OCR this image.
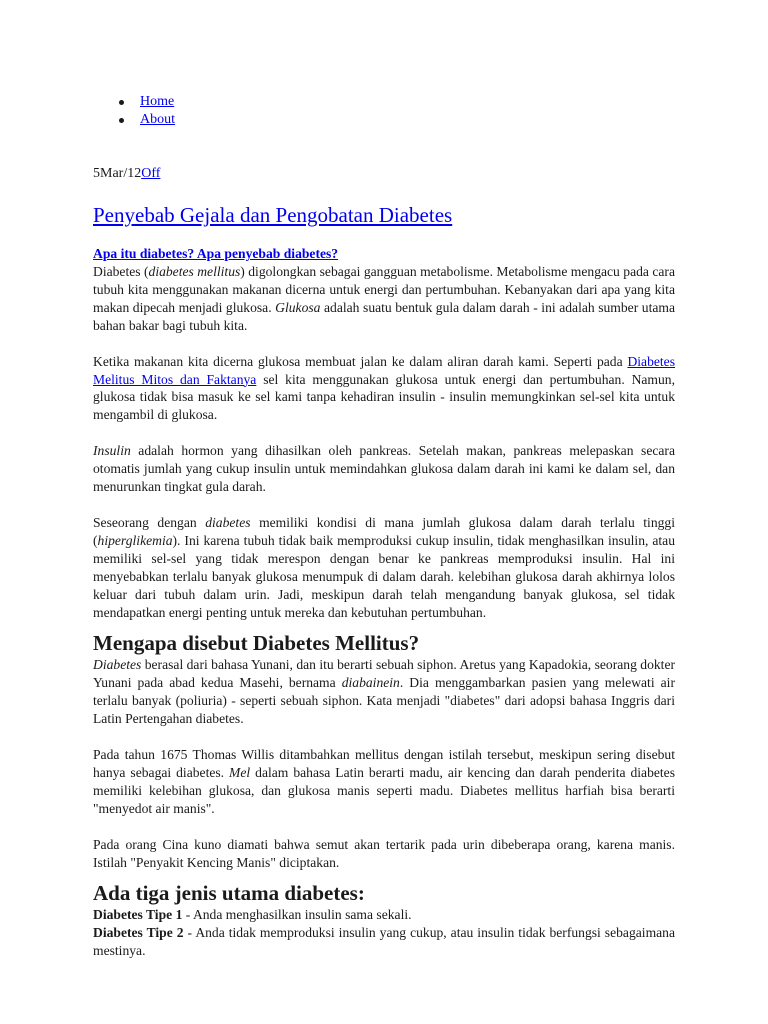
Home
About
5Mar/12Off
Penyebab Gejala dan Pengobatan Diabetes
Apa itu diabetes? Apa penyebab diabetes?

Diabetes (diabetes mellitus) digolongkan sebagai gangguan metabolisme. Metabolisme mengacu pada cara tubuh kita menggunakan makanan dicerna untuk energi dan pertumbuhan. Kebanyakan dari apa yang kita makan dipecah menjadi glukosa. Glukosa adalah suatu bentuk gula dalam darah - ini adalah sumber utama bahan bakar bagi tubuh kita.

Ketika makanan kita dicerna glukosa membuat jalan ke dalam aliran darah kami. Seperti pada Diabetes Melitus Mitos dan Faktanya sel kita menggunakan glukosa untuk energi dan pertumbuhan. Namun, glukosa tidak bisa masuk ke sel kami tanpa kehadiran insulin - insulin memungkinkan sel-sel kita untuk mengambil di glukosa.

Insulin adalah hormon yang dihasilkan oleh pankreas. Setelah makan, pankreas melepaskan secara otomatis jumlah yang cukup insulin untuk memindahkan glukosa dalam darah ini kami ke dalam sel, dan menurunkan tingkat gula darah.

Seseorang dengan diabetes memiliki kondisi di mana jumlah glukosa dalam darah terlalu tinggi (hiperglikemia). Ini karena tubuh tidak baik memproduksi cukup insulin, tidak menghasilkan insulin, atau memiliki sel-sel yang tidak merespon dengan benar ke pankreas memproduksi insulin. Hal ini menyebabkan terlalu banyak glukosa menumpuk di dalam darah. kelebihan glukosa darah akhirnya lolos keluar dari tubuh dalam urin. Jadi, meskipun darah telah mengandung banyak glukosa, sel tidak mendapatkan energi penting untuk mereka dan kebutuhan pertumbuhan.

Mengapa disebut Diabetes Mellitus?

Diabetes berasal dari bahasa Yunani, dan itu berarti sebuah siphon. Aretus yang Kapadokia, seorang dokter Yunani pada abad kedua Masehi, bernama diabainein. Dia menggambarkan pasien yang melewati air terlalu banyak (poliuria) - seperti sebuah siphon. Kata menjadi "diabetes" dari adopsi bahasa Inggris dari Latin Pertengahan diabetes.

Pada tahun 1675 Thomas Willis ditambahkan mellitus dengan istilah tersebut, meskipun sering disebut hanya sebagai diabetes. Mel dalam bahasa Latin berarti madu, air kencing dan darah penderita diabetes memiliki kelebihan glukosa, dan glukosa manis seperti madu. Diabetes mellitus harfiah bisa berarti "menyedot air manis".

Pada orang Cina kuno diamati bahwa semut akan tertarik pada urin dibeberapa orang, karena manis. Istilah "Penyakit Kencing Manis" diciptakan.

Ada tiga jenis utama diabetes:

Diabetes Tipe 1 - Anda menghasilkan insulin sama sekali.

Diabetes Tipe 2 - Anda tidak memproduksi insulin yang cukup, atau insulin tidak berfungsi sebagaimana mestinya.
